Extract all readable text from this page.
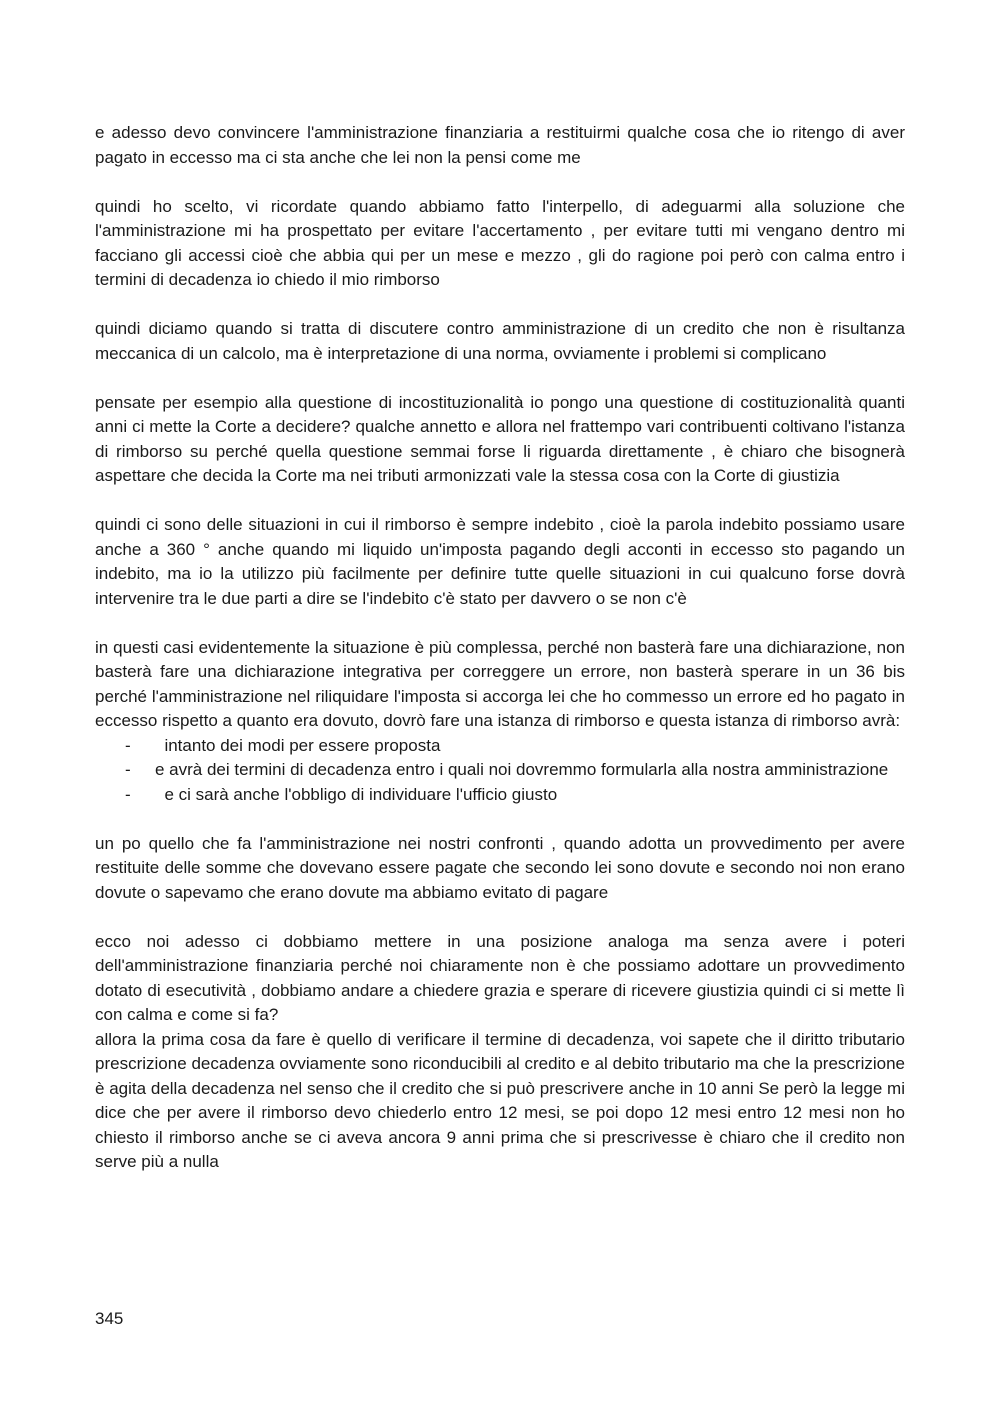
e adesso devo convincere l'amministrazione finanziaria a restituirmi qualche cosa che io ritengo di aver pagato in eccesso ma ci sta anche che lei non la pensi come me

quindi ho scelto, vi ricordate quando abbiamo fatto l'interpello, di adeguarmi alla soluzione che l'amministrazione mi ha prospettato per evitare l'accertamento , per evitare tutti mi vengano dentro mi facciano gli accessi cioè che abbia qui per un mese e mezzo , gli do ragione poi però con calma entro i termini di decadenza io chiedo il mio rimborso

quindi diciamo quando si tratta di discutere contro amministrazione di un credito che non è risultanza meccanica di un calcolo, ma è interpretazione di una norma, ovviamente i problemi si complicano

pensate per esempio alla questione di incostituzionalità io pongo una questione di costituzionalità quanti anni ci mette la Corte a decidere? qualche annetto e allora nel frattempo vari contribuenti coltivano l'istanza di rimborso su perché quella questione semmai forse li riguarda direttamente , è chiaro che bisognerà aspettare che decida la Corte ma nei tributi armonizzati vale la stessa cosa con la Corte di giustizia

quindi ci sono delle situazioni in cui il rimborso è sempre indebito , cioè la parola indebito possiamo usare anche a 360 ° anche quando mi liquido un'imposta pagando degli acconti in eccesso sto pagando un indebito, ma io la utilizzo più facilmente per definire tutte quelle situazioni in cui qualcuno forse dovrà intervenire tra le due parti a dire se l'indebito c'è stato per davvero o se non c'è

in questi casi evidentemente la situazione è più complessa, perché non basterà fare una dichiarazione, non basterà fare una dichiarazione integrativa per correggere un errore, non basterà sperare in un 36 bis perché l'amministrazione nel riliquidare l'imposta si accorga lei che ho commesso un errore ed ho pagato in eccesso rispetto a quanto era dovuto, dovrò fare una istanza di rimborso e questa istanza di rimborso avrà:

- intanto dei modi per essere proposta
- e avrà dei termini di decadenza entro i quali noi dovremmo formularla alla nostra amministrazione
- e ci sarà anche l'obbligo di individuare l'ufficio giusto

un po quello che fa l'amministrazione nei nostri confronti , quando adotta un provvedimento per avere restituite delle somme che dovevano essere pagate che secondo lei sono dovute e secondo noi non erano dovute o sapevamo che erano dovute ma abbiamo evitato di pagare

ecco noi adesso ci dobbiamo mettere in una posizione analoga ma senza avere i poteri dell'amministrazione finanziaria perché noi chiaramente non è che possiamo adottare un provvedimento dotato di esecutività , dobbiamo andare a chiedere grazia e sperare di ricevere giustizia quindi ci si mette lì con calma e come si fa?

allora la prima cosa da fare è quello di verificare il termine di decadenza, voi sapete che il diritto tributario prescrizione decadenza ovviamente sono riconducibili al credito e al debito tributario ma che la prescrizione è agita della decadenza nel senso che il credito che si può prescrivere anche in 10 anni Se però la legge mi dice che per avere il rimborso devo chiederlo entro 12 mesi, se poi dopo 12 mesi entro 12 mesi non ho chiesto il rimborso anche se ci aveva ancora 9 anni prima che si prescrivesse è chiaro che il credito non serve più a nulla

345
